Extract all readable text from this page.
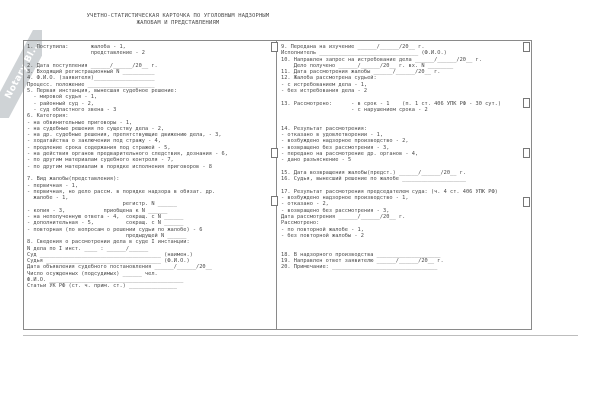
Notary Bl...
УЧЕТНО-СТАТИСТИЧЕСКАЯ КАРТОЧКА ПО УГОЛОВНЫМ НАДЗОРНЫМ
ЖАЛОБАМ И ПРЕДСТАВЛЕНИЯМ
1. Поступила:       жалоба - 1,
представление - 2

2. Дата поступления ______/______/20__ г.
3. Входящий регистрационный N __________
4. Ф.И.О. (заявителя)___________________
Процесс. положение _____________________
5. Первая инстанция, вынесшая судебное решение:
- мировой судья - 1,
- районный суд - 2,
- суд областного звена - 3
6. Категория:
- на обвинительные приговоры - 1,
- на судебные решения по существу дела - 2,
- на др. судебные решения, препятствующие движению дела, - 3,
- ходатайства о заключении под стражу - 4,
- продление срока содержания под стражей - 5,
- на действия органов предварительного следствия, дознания - 6,
- по другим материалам судебного контроля - 7,
- по другим материалам в порядке исполнения приговоров - 8

7. Вид жалобы(представления):
- первичная - 1,
- первичная, но дело рассм. в порядке надзора в обязат. др.
жалобе - 1,
регистр. N ______
- копия - 3,            приобщена к N ______
- на неполученную ответа - 4,  сокращ. с N ______
- дополнительная - 5,          сокращ. с N ______
- повторная (по вопросам о решении судьи по жалобе) - 6
предыдущей N ______
8. Сведения о рассмотрении дела в суде I инстанции:
N дела по I инст. ____ : ______/______
Суд ______________________________________ (наимен.)
Судья ____________________________________ (Ф.И.О.)
Дата объявления судебного постановления ______/______/20__
Число осужденных (подсудимых) ______ чел.
Ф.И.О. __________________________________________
Статьи УК РФ (ст. ч. прим. ст.) _______________
9. Передана на изучение ______/______/20__ г.
Исполнитель _______________________________ (Ф.И.О.)
10. Направлен запрос на истребование дела ______/______/20__ г.
Дело получено ______/______/20__ г. вх. N ________
11. Дата рассмотрения жалобы ______/______/20__ г.
12. Жалоба рассмотрена судьей:
- с истребованием дела - 1,
- без истребования дела - 2

13. Рассмотрено:      - в срок - 1    (п. 1 ст. 406 УПК РФ - 30 сут.)
- с нарушением срока - 2

14. Результат рассмотрения:
- отказано в удовлетворении - 1,
- возбуждено надзорное производство - 2,
- возвращено без рассмотрения - 3,
- передано на рассмотрение др. органов - 4,
- дано разъяснение - 5

15. Дата возвращения жалобы(предст.) ______/______/20__ г.
16. Судья, вынесший решение по жалобе ____________________

17. Результат рассмотрения председателем суда: (ч. 4 ст. 406 УПК РФ)
- возбуждено надзорное производство - 1,
- отказано - 2,
- возвращено без рассмотрения - 3,
Дата рассмотрения ______/______/20__ г.
Рассмотрено:
- по повторной жалобе - 1,
- без повторной жалобы - 2

18. В надзорного производства ____________________
19. Направлен ответ заявителю ______/______/20__ г.
20. Примечание: _________________________________
